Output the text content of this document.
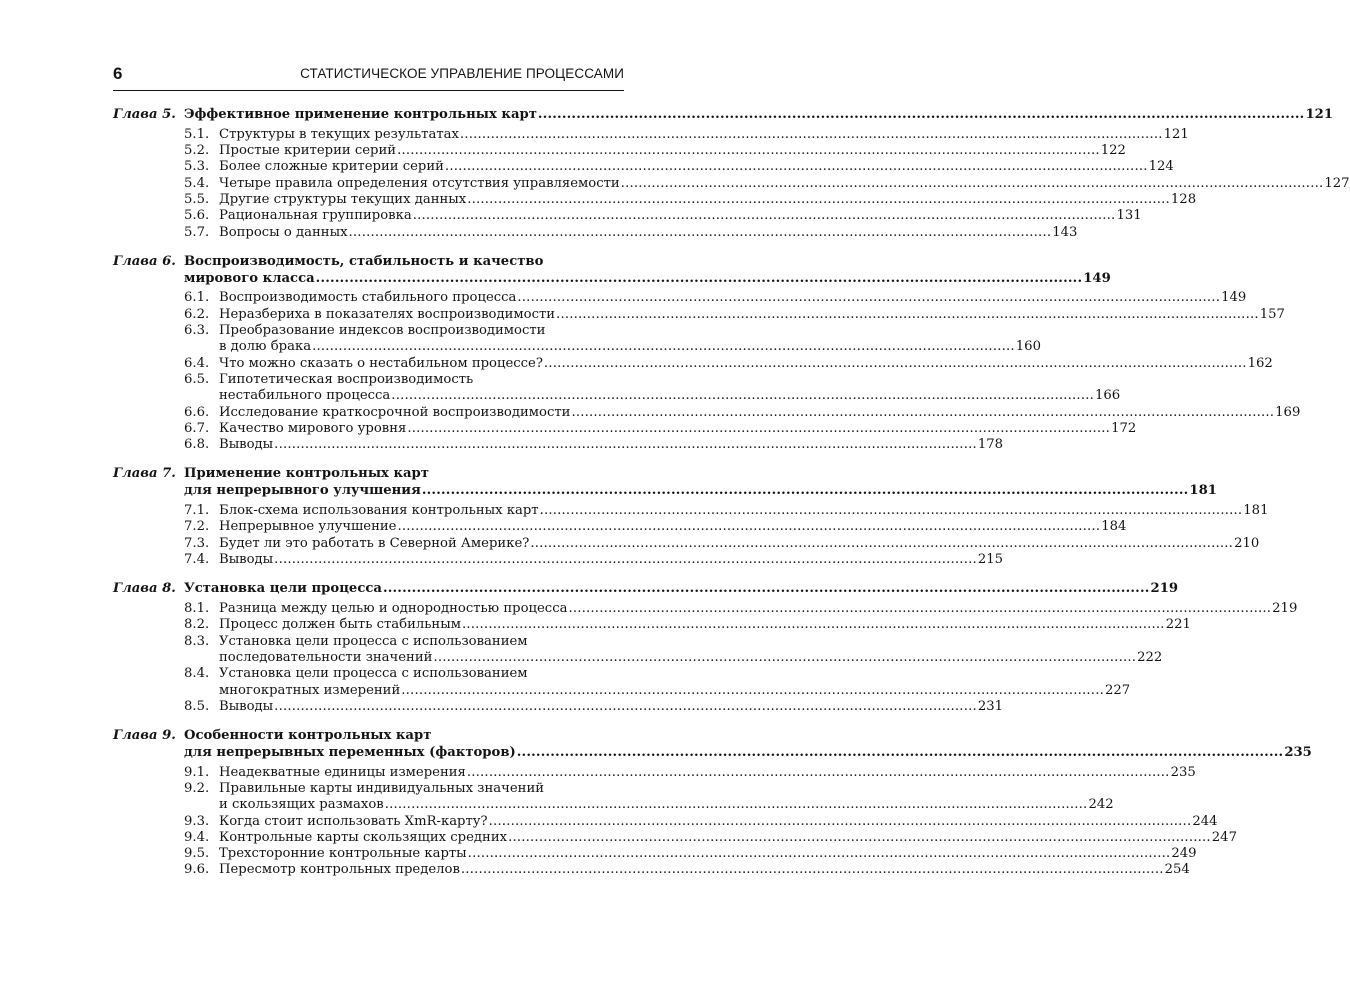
6	СТАТИСТИЧЕСКОЕ УПРАВЛЕНИЕ ПРОЦЕССАМИ
Глава 5. Эффективное применение контрольных карт .....	121
5.1. Структуры в текущих результатах .....	121
5.2. Простые критерии серий .....	122
5.3. Более сложные критерии серий .....	124
5.4. Четыре правила определения отсутствия управляемости .....	127
5.5. Другие структуры текущих данных .....	128
5.6. Рациональная группировка .....	131
5.7. Вопросы о данных .....	143
Глава 6. Воспроизводимость, стабильность и качество
мирового класса .....	149
6.1. Воспроизводимость стабильного процесса .....	149
6.2. Неразбериха в показателях воспроизводимости .....	157
6.3. Преобразование индексов воспроизводимости
в долю брака .....	160
6.4. Что можно сказать о нестабильном процессе? .....	162
6.5. Гипотетическая воспроизводимость
нестабильного процесса .....	166
6.6. Исследование краткосрочной воспроизводимости .....	169
6.7. Качество мирового уровня .....	172
6.8. Выводы .....	178
Глава 7. Применение контрольных карт
для непрерывного улучшения .....	181
7.1. Блок-схема использования контрольных карт .....	181
7.2. Непрерывное улучшение .....	184
7.3. Будет ли это работать в Северной Америке? .....	210
7.4. Выводы .....	215
Глава 8. Установка цели процесса .....	219
8.1. Разница между целью и однородностью процесса .....	219
8.2. Процесс должен быть стабильным .....	221
8.3. Установка цели процесса с использованием
последовательности значений .....	222
8.4. Установка цели процесса с использованием
многократных измерений .....	227
8.5. Выводы .....	231
Глава 9. Особенности контрольных карт
для непрерывных переменных (факторов) .....	235
9.1. Неадекватные единицы измерения .....	235
9.2. Правильные карты индивидуальных значений
и скользящих размахов .....	242
9.3. Когда стоит использовать XmR-карту? .....	244
9.4. Контрольные карты скользящих средних .....	247
9.5. Трехсторонние контрольные карты .....	249
9.6. Пересмотр контрольных пределов .....	254
